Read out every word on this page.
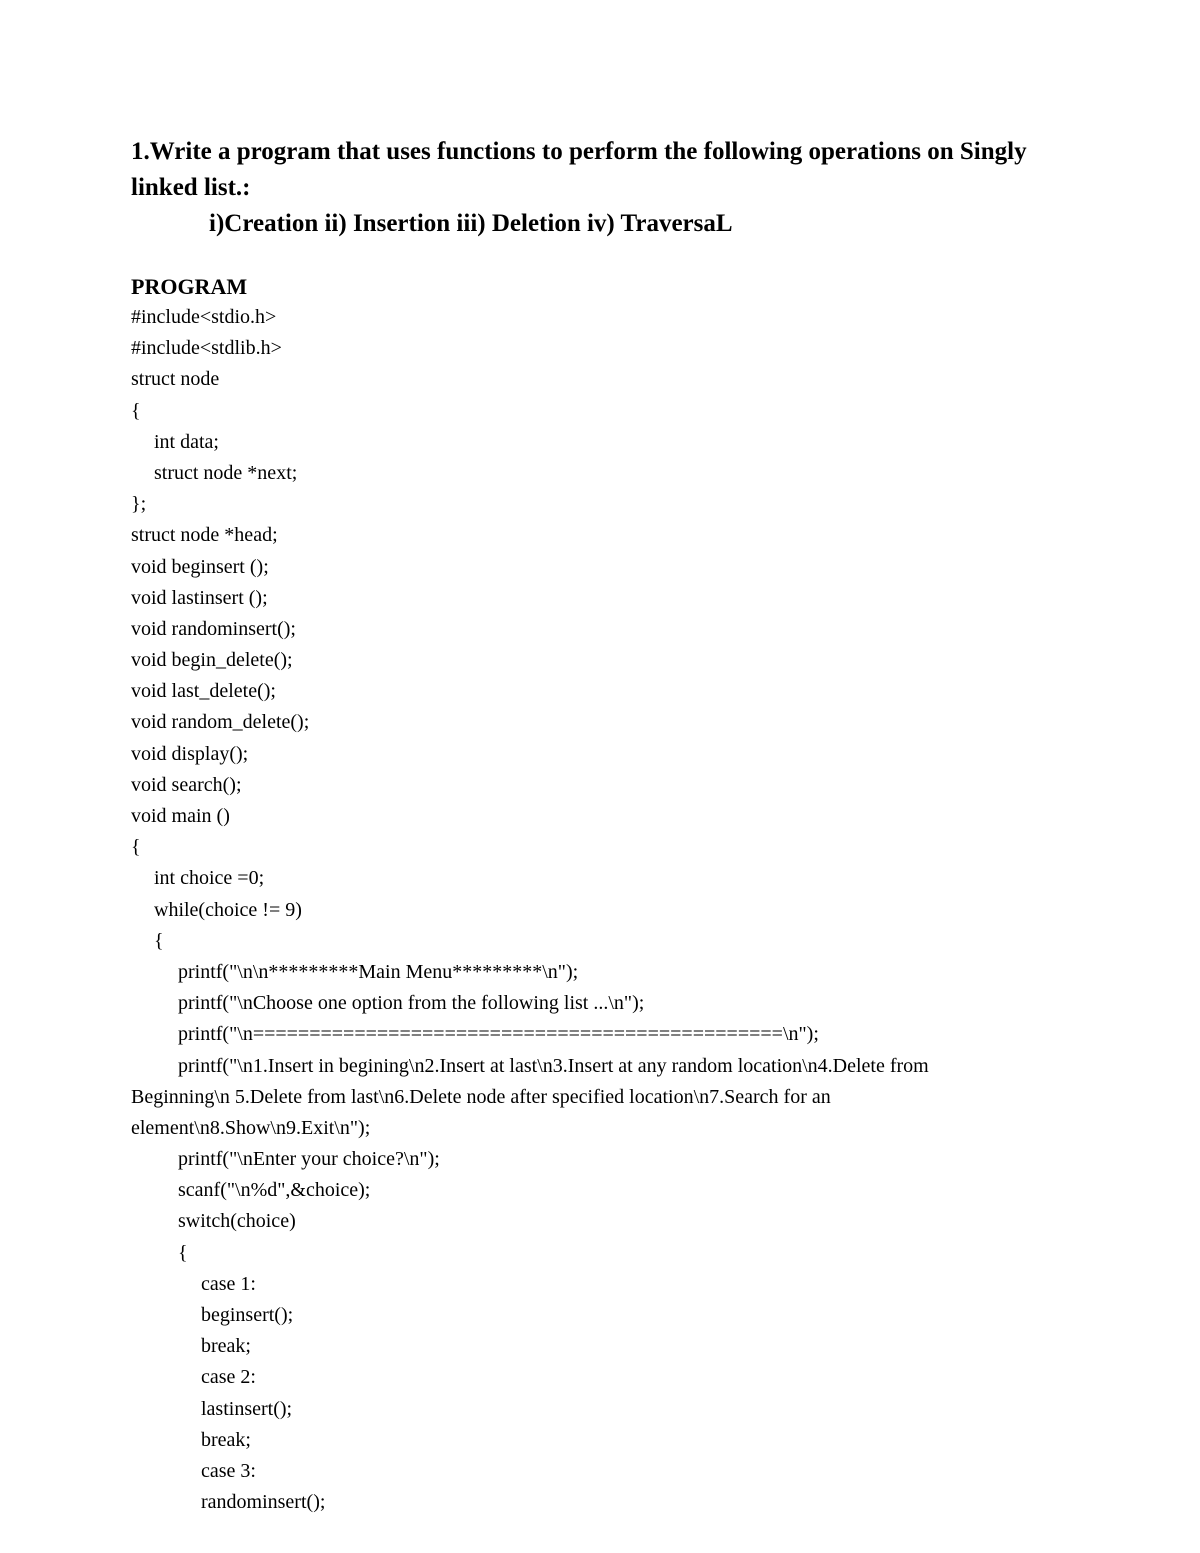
1.Write a program that uses functions to perform the following operations on Singly linked list.:
i)Creation ii) Insertion iii) Deletion iv) TraversaL
PROGRAM
#include<stdio.h>
#include<stdlib.h>
struct node
{
int data;
struct node *next;
};
struct node *head;
void beginsert ();
void lastinsert ();
void randominsert();
void begin_delete();
void last_delete();
void random_delete();
void display();
void search();
void main ()
{
int choice =0;
while(choice != 9)
{
printf("\n\n*********Main Menu*********\n");
printf("\nChoose one option from the following list ...\n");
printf("\n===============================================\n");
printf("\n1.Insert in begining\n2.Insert at last\n3.Insert at any random location\n4.Delete from Beginning\n 5.Delete from last\n6.Delete node after specified location\n7.Search for an element\n8.Show\n9.Exit\n");
printf("\nEnter your choice?\n");
scanf("\n%d",&choice);
switch(choice)
{
case 1:
beginsert();
break;
case 2:
lastinsert();
break;
case 3:
randominsert();
